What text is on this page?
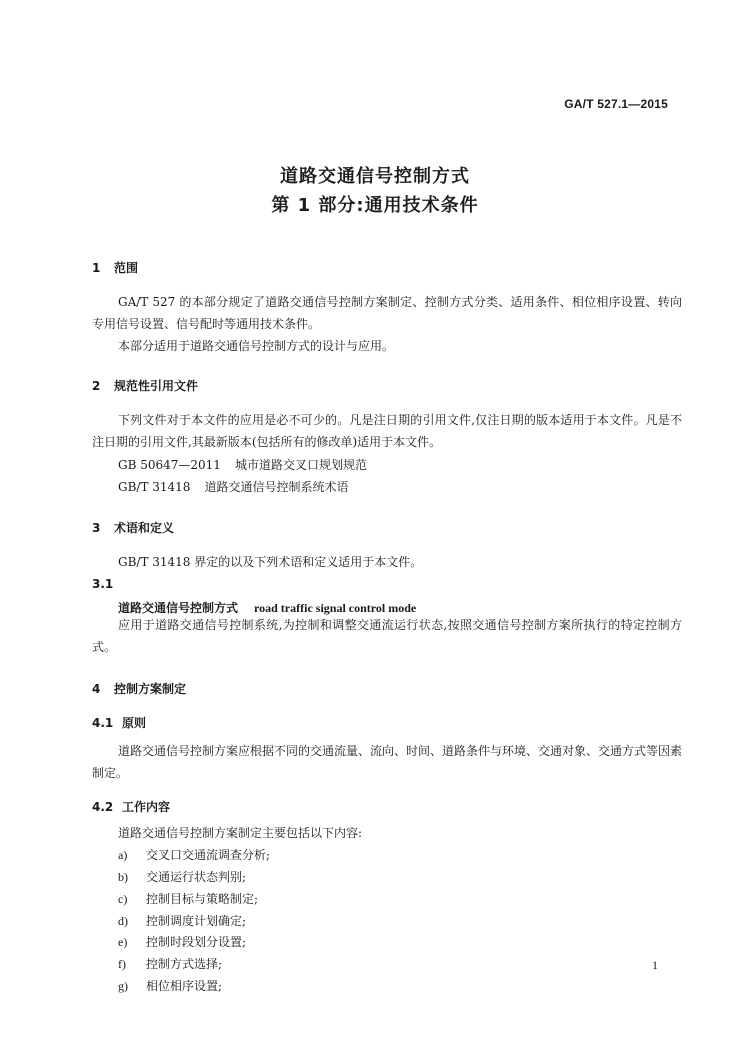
GA/T 527.1—2015
道路交通信号控制方式
第 1 部分:通用技术条件
1 范围
GA/T 527 的本部分规定了道路交通信号控制方案制定、控制方式分类、适用条件、相位相序设置、转向专用信号设置、信号配时等通用技术条件。
本部分适用于道路交通信号控制方式的设计与应用。
2 规范性引用文件
下列文件对于本文件的应用是必不可少的。凡是注日期的引用文件,仅注日期的版本适用于本文件。凡是不注日期的引用文件,其最新版本(包括所有的修改单)适用于本文件。
GB 50647—2011 城市道路交叉口规划规范
GB/T 31418 道路交通信号控制系统术语
3 术语和定义
GB/T 31418 界定的以及下列术语和定义适用于本文件。
3.1
道路交通信号控制方式 road traffic signal control mode
应用于道路交通信号控制系统,为控制和调整交通流运行状态,按照交通信号控制方案所执行的特定控制方式。
4 控制方案制定
4.1 原则
道路交通信号控制方案应根据不同的交通流量、流向、时间、道路条件与环境、交通对象、交通方式等因素制定。
4.2 工作内容
道路交通信号控制方案制定主要包括以下内容:
a) 交叉口交通流调查分析;
b) 交通运行状态判别;
c) 控制目标与策略制定;
d) 控制调度计划确定;
e) 控制时段划分设置;
f) 控制方式选择;
g) 相位相序设置;
1
